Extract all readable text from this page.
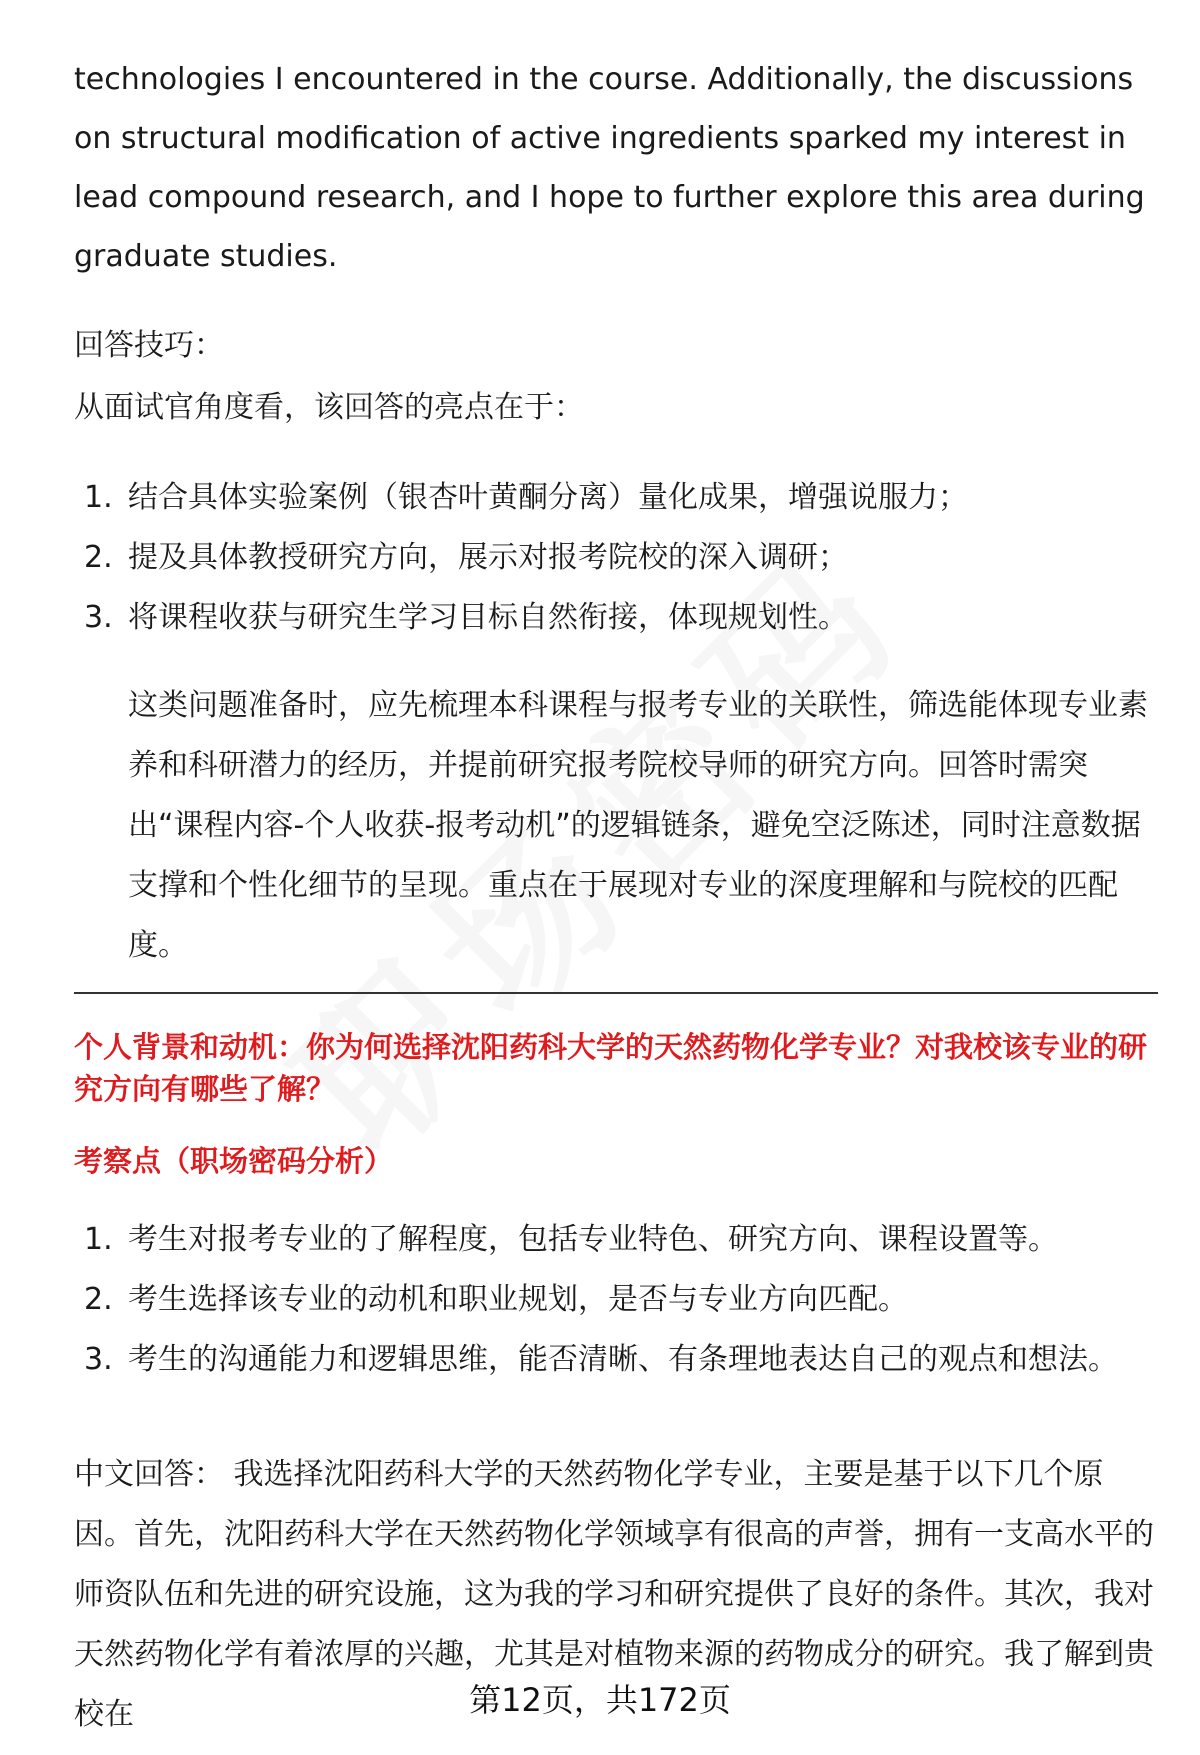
technologies I encountered in the course. Additionally, the discussions on structural modification of active ingredients sparked my interest in lead compound research, and I hope to further explore this area during graduate studies.

回答技巧：

从面试官角度看，该回答的亮点在于：

1. 结合具体实验案例（银杏叶黄酮分离）量化成果，增强说服力；
2. 提及具体教授研究方向，展示对报考院校的深入调研；
3. 将课程收获与研究生学习目标自然衔接，体现规划性。

这类问题准备时，应先梳理本科课程与报考专业的关联性，筛选能体现专业素养和科研潜力的经历，并提前研究报考院校导师的研究方向。回答时需突出“课程内容-个人收获-报考动机”的逻辑链条，避免空泛陈述，同时注意数据支撑和个性化细节的呈现。重点在于展现对专业的深度理解和与院校的匹配度。

个人背景和动机：你为何选择沈阳药科大学的天然药物化学专业？对我校该专业的研究方向有哪些了解？
考察点（职场密码分析）
1. 考生对报考专业的了解程度，包括专业特色、研究方向、课程设置等。
2. 考生选择该专业的动机和职业规划，是否与专业方向匹配。
3. 考生的沟通能力和逻辑思维，能否清晰、有条理地表达自己的观点和想法。

中文回答： 我选择沈阳药科大学的天然药物化学专业，主要是基于以下几个原因。首先，沈阳药科大学在天然药物化学领域享有很高的声誉，拥有一支高水平的师资队伍和先进的研究设施，这为我的学习和研究提供了良好的条件。其次，我对天然药物化学有着浓厚的兴趣，尤其是对植物来源的药物成分的研究。我了解到贵校在	第12页，共172页
